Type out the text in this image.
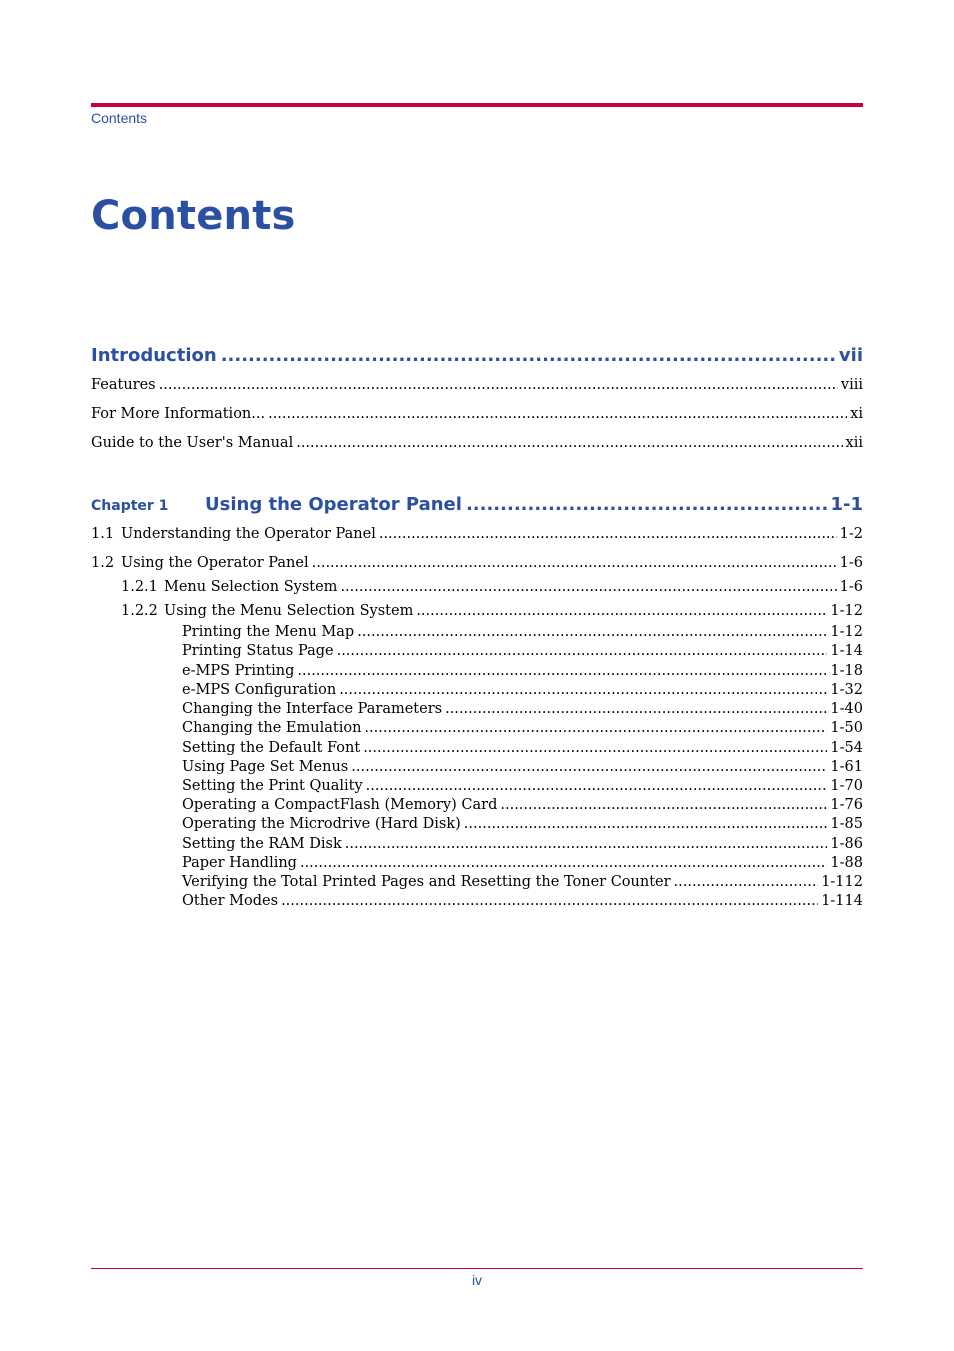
Contents
Contents
Introduction .....	vii
Features .....	viii
For More Information... .....	xi
Guide to the User's Manual .....	xii
Chapter 1	Using the Operator Panel .....	1-1
1.1 Understanding the Operator Panel .....	1-2
1.2 Using the Operator Panel .....	1-6
1.2.1 Menu Selection System .....	1-6
1.2.2 Using the Menu Selection System .....	1-12
Printing the Menu Map .....	1-12
Printing Status Page .....	1-14
e-MPS Printing .....	1-18
e-MPS Configuration .....	1-32
Changing the Interface Parameters .....	1-40
Changing the Emulation .....	1-50
Setting the Default Font .....	1-54
Using Page Set Menus .....	1-61
Setting the Print Quality .....	1-70
Operating a CompactFlash (Memory) Card .....	1-76
Operating the Microdrive (Hard Disk) .....	1-85
Setting the RAM Disk .....	1-86
Paper Handling .....	1-88
Verifying the Total Printed Pages and Resetting the Toner Counter .....	1-112
Other Modes .....	1-114
iv
